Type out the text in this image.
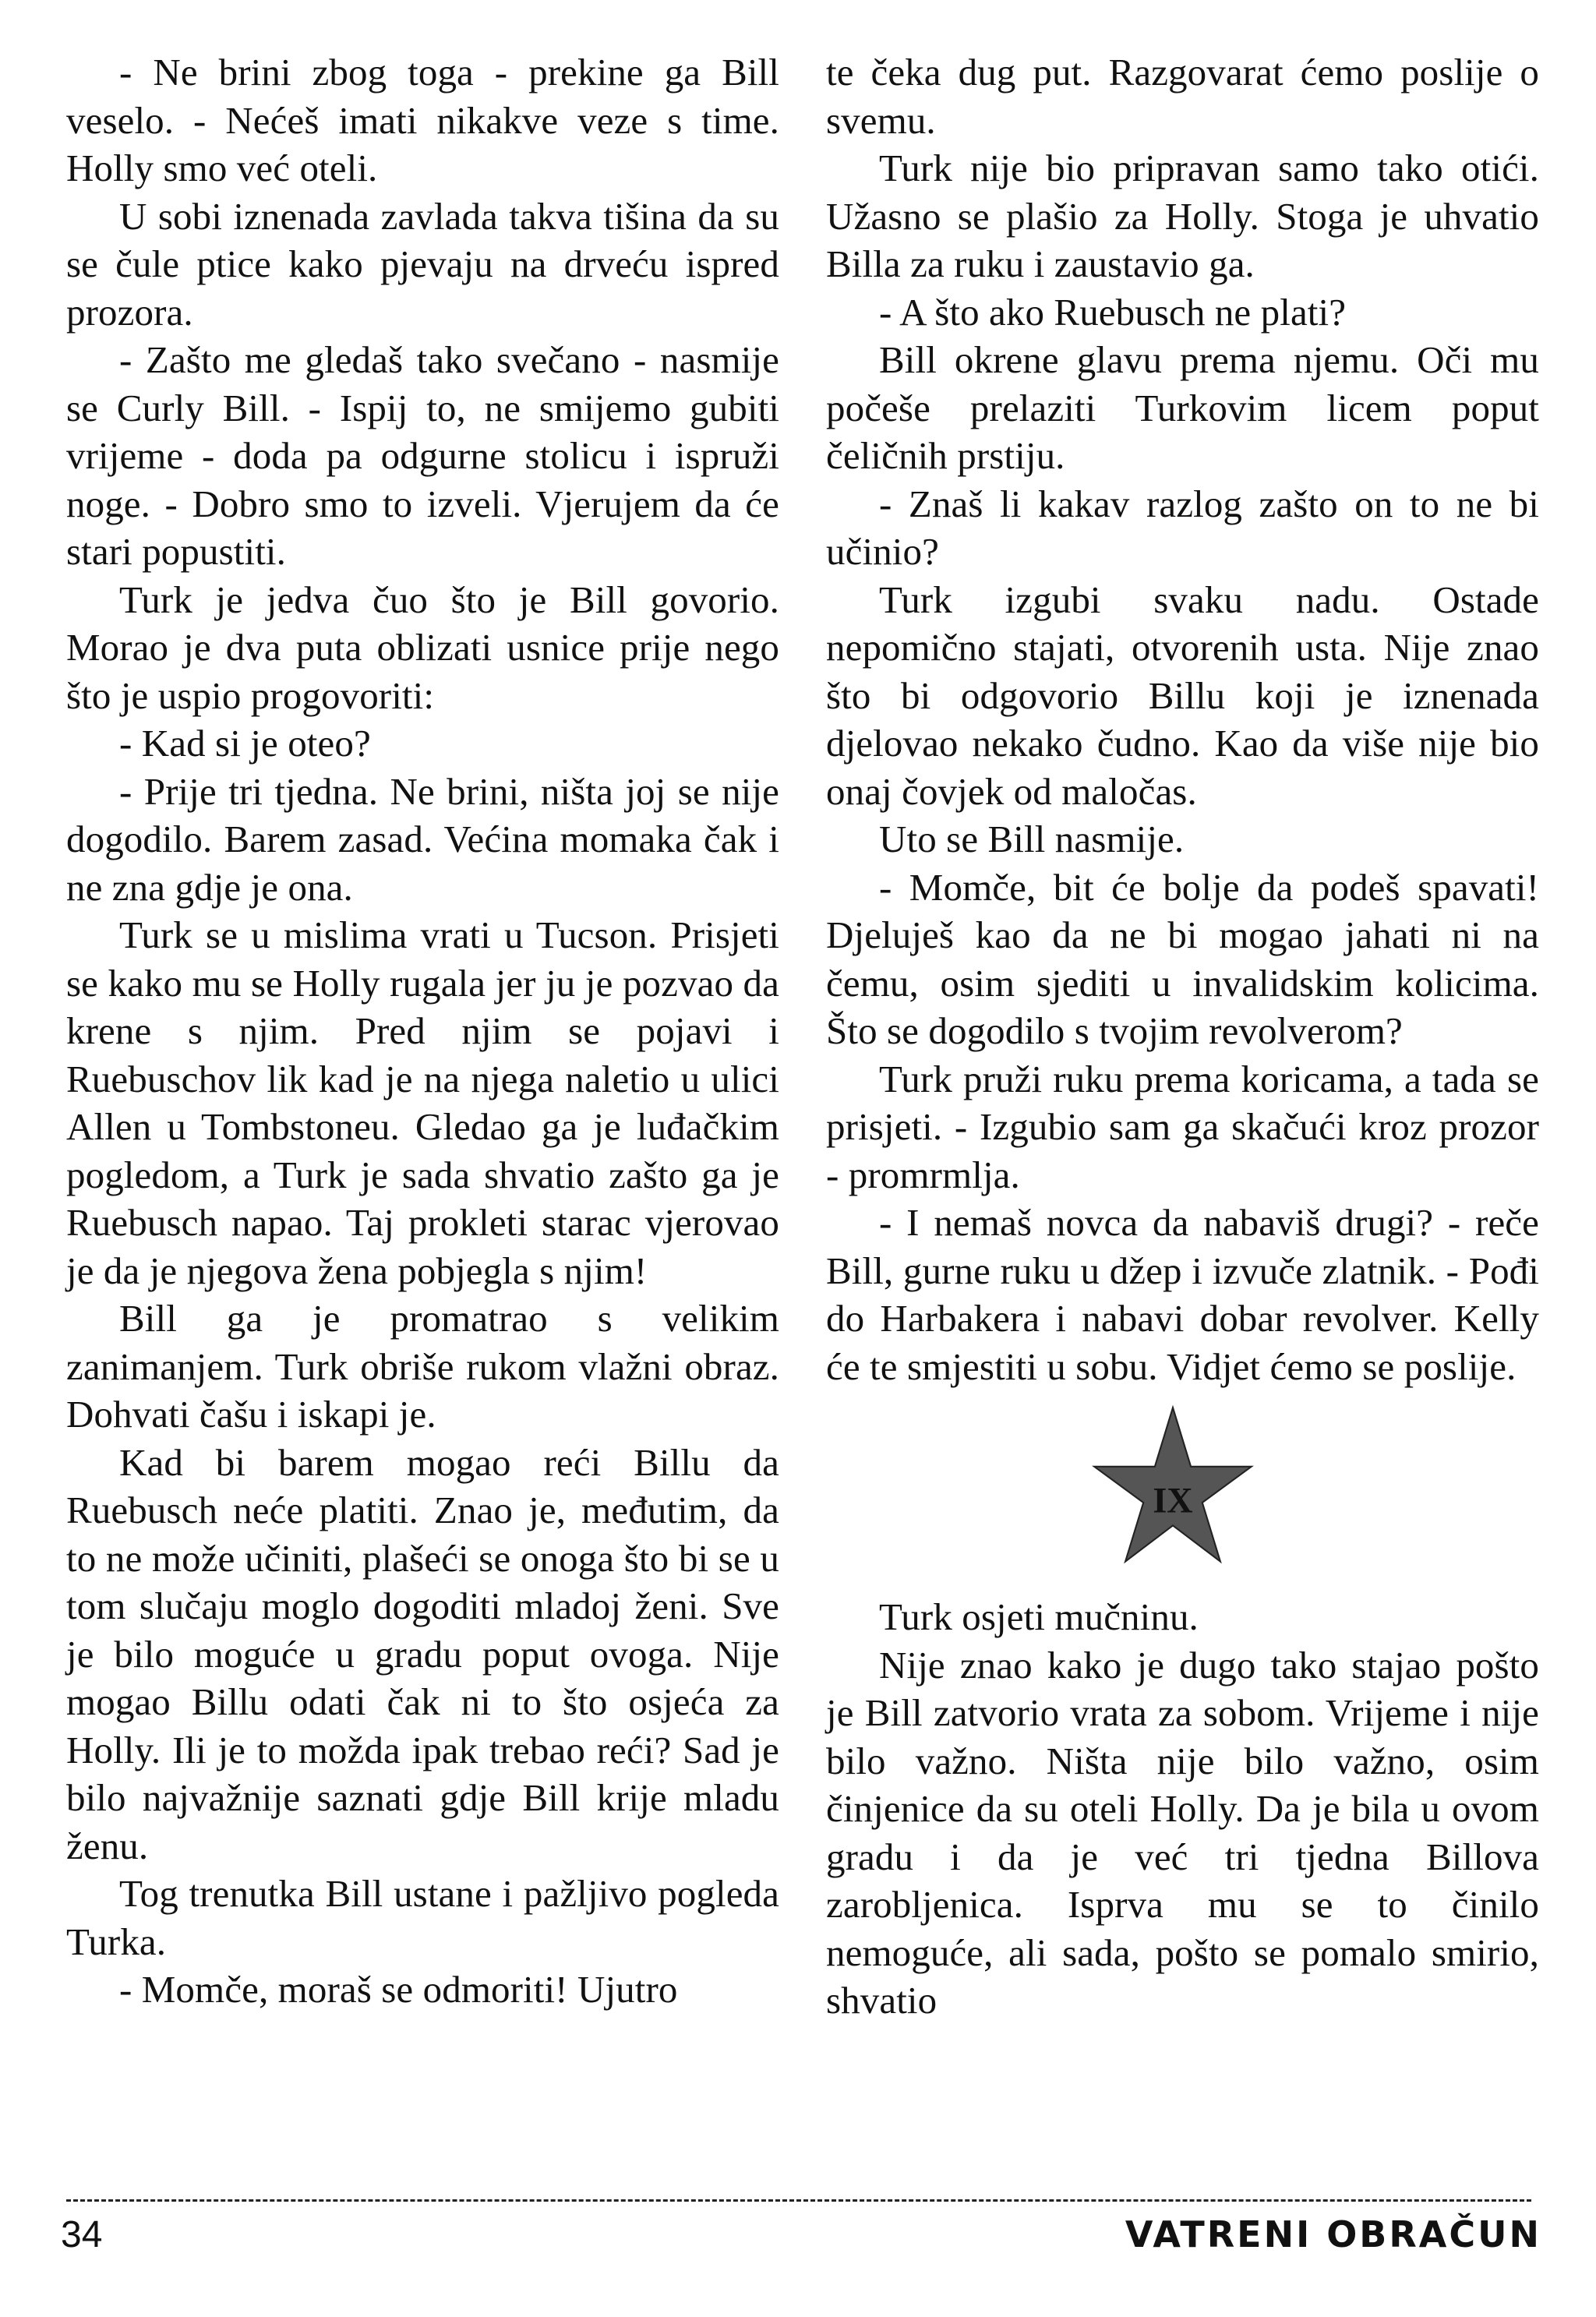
- Ne brini zbog toga - prekine ga Bill veselo. - Nećeš imati nikakve veze s time. Holly smo već oteli.

U sobi iznenada zavlada takva tišina da su se čule ptice kako pjevaju na drveću ispred prozora.

- Zašto me gledaš tako svečano - nasmije se Curly Bill. - Ispij to, ne smijemo gubiti vrijeme - doda pa odgurne stolicu i ispruži noge. - Dobro smo to izveli. Vjerujem da će stari popustiti.

Turk je jedva čuo što je Bill govorio. Morao je dva puta oblizati usnice prije nego što je uspio progovoriti:

- Kad si je oteo?

- Prije tri tjedna. Ne brini, ništa joj se nije dogodilo. Barem zasad. Većina momaka čak i ne zna gdje je ona.

Turk se u mislima vrati u Tucson. Prisjeti se kako mu se Holly rugala jer ju je pozvao da krene s njim. Pred njim se pojavi i Ruebuschov lik kad je na njega naletio u ulici Allen u Tombstoneu. Gledao ga je luđačkim pogledom, a Turk je sada shvatio zašto ga je Ruebusch napao. Taj prokleti starac vjerovao je da je njegova žena pobjegla s njim!

Bill ga je promatrao s velikim zanimanjem. Turk obriše rukom vlažni obraz. Dohvati čašu i iskapi je.

Kad bi barem mogao reći Billu da Ruebusch neće platiti. Znao je, međutim, da to ne može učiniti, plašeći se onoga što bi se u tom slučaju moglo dogoditi mladoj ženi. Sve je bilo moguće u gradu poput ovoga. Nije mogao Billu odati čak ni to što osjeća za Holly. Ili je to možda ipak trebao reći? Sad je bilo najvažnije saznati gdje Bill krije mladu ženu.

Tog trenutka Bill ustane i pažljivo pogleda Turka.

- Momče, moraš se odmoriti! Ujutro

te čeka dug put. Razgovarat ćemo poslije o svemu.

Turk nije bio pripravan samo tako otići. Užasno se plašio za Holly. Stoga je uhvatio Billa za ruku i zaustavio ga.

- A što ako Ruebusch ne plati?

Bill okrene glavu prema njemu. Oči mu počeše prelaziti Turkovim licem poput čeličnih prstiju.

- Znaš li kakav razlog zašto on to ne bi učinio?

Turk izgubi svaku nadu. Ostade nepomično stajati, otvorenih usta. Nije znao što bi odgovorio Billu koji je iznenada djelovao nekako čudno. Kao da više nije bio onaj čovjek od maločas.

Uto se Bill nasmije.

- Momče, bit će bolje da podeš spavati! Djeluješ kao da ne bi mogao jahati ni na čemu, osim sjediti u invalidskim kolicima. Što se dogodilo s tvojim revolverom?

Turk pruži ruku prema koricama, a tada se prisjeti. - Izgubio sam ga skačući kroz prozor - promrmlja.

- I nemaš novca da nabaviš drugi? - reče Bill, gurne ruku u džep i izvuče zlatnik. - Pođi do Harbakera i nabavi dobar revolver. Kelly će te smjestiti u sobu. Vidjet ćemo se poslije.

IX

Turk osjeti mučninu.

Nije znao kako je dugo tako stajao pošto je Bill zatvorio vrata za sobom. Vrijeme i nije bilo važno. Ništa nije bilo važno, osim činjenice da su oteli Holly. Da je bila u ovom gradu i da je već tri tjedna Billova zarobljenica. Isprva mu se to činilo nemoguće, ali sada, pošto se pomalo smirio, shvatio

34	VATRENI OBRAČUN
